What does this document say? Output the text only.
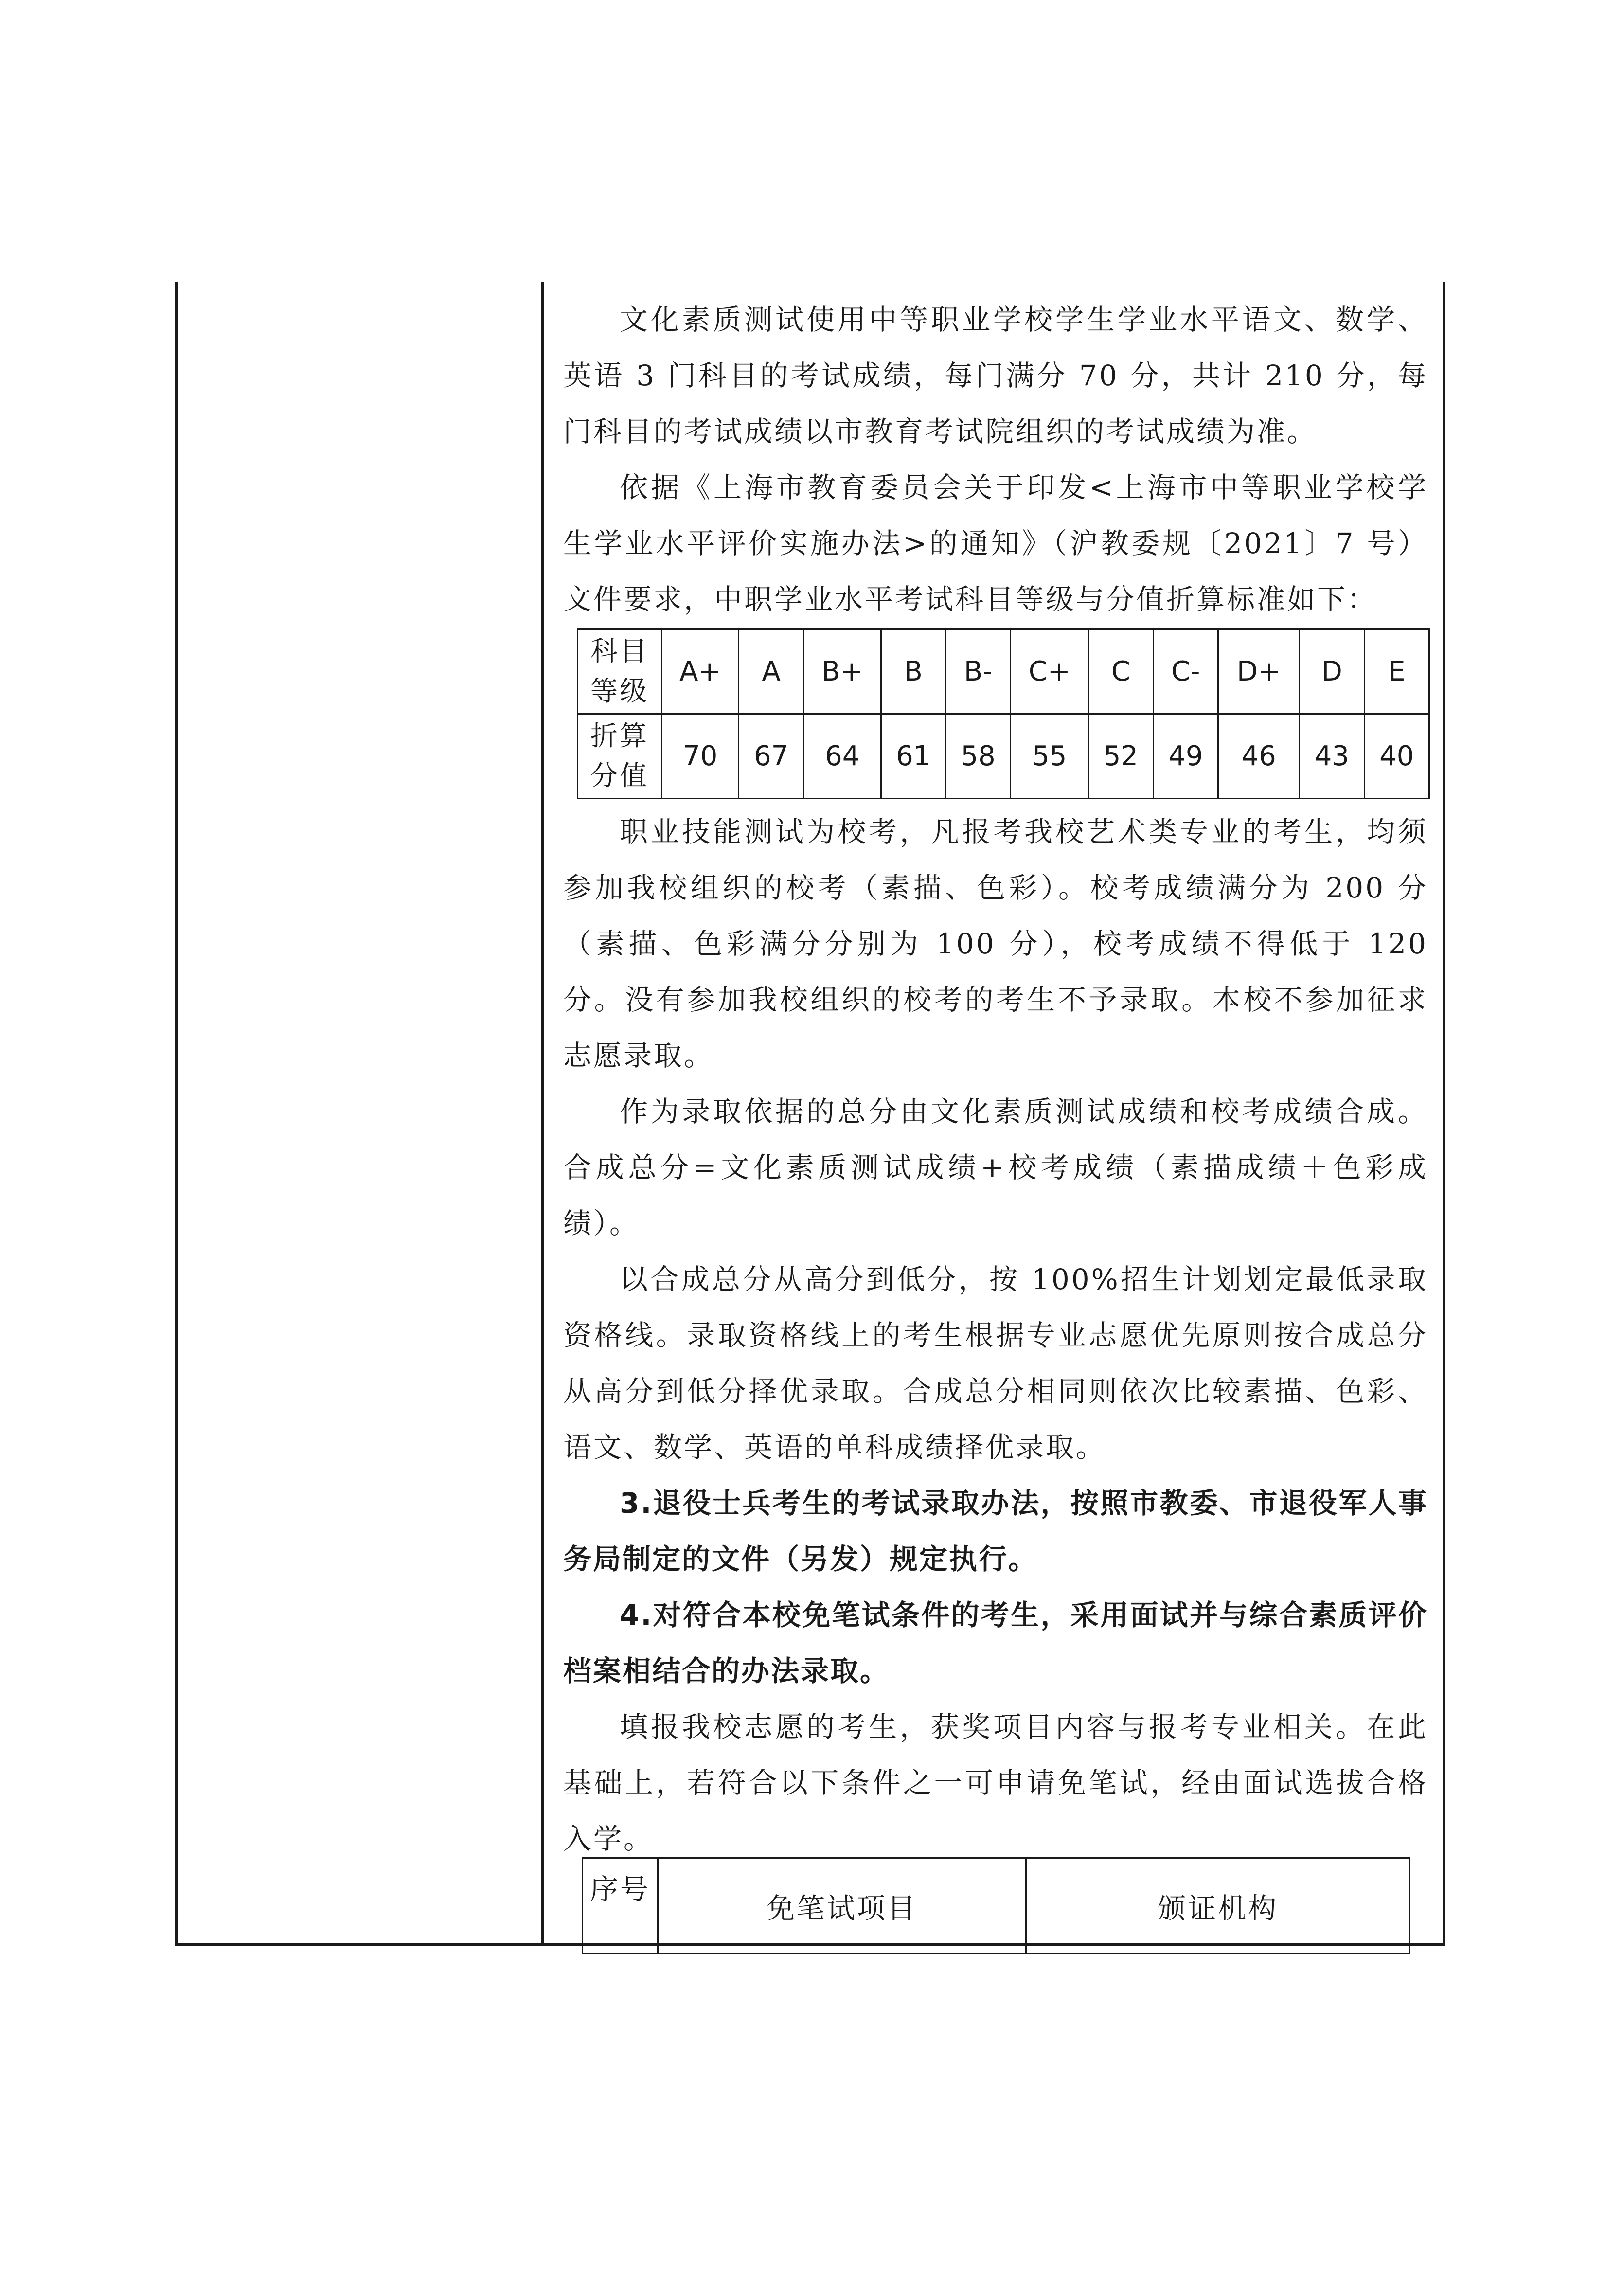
文化素质测试使用中等职业学校学生学业水平语文、数学、英语 3 门科目的考试成绩，每门满分 70 分，共计 210 分，每门科目的考试成绩以市教育考试院组织的考试成绩为准。

依据《上海市教育委员会关于印发<上海市中等职业学校学生学业水平评价实施办法>的通知》（沪教委规〔2021〕7 号）文件要求，中职学业水平考试科目等级与分值折算标准如下：

科目
等级	A+	A	B+	B	B-	C+	C	C-	D+	D	E
折算
分值	70	67	64	61	58	55	52	49	46	43	40

职业技能测试为校考，凡报考我校艺术类专业的考生，均须参加我校组织的校考（素描、色彩）。校考成绩满分为 200 分（素描、色彩满分分别为 100 分），校考成绩不得低于 120 分。没有参加我校组织的校考的考生不予录取。本校不参加征求志愿录取。

作为录取依据的总分由文化素质测试成绩和校考成绩合成。合成总分=文化素质测试成绩+校考成绩（素描成绩＋色彩成绩）。

以合成总分从高分到低分，按 100%招生计划划定最低录取资格线。录取资格线上的考生根据专业志愿优先原则按合成总分从高分到低分择优录取。合成总分相同则依次比较素描、色彩、语文、数学、英语的单科成绩择优录取。

3.退役士兵考生的考试录取办法，按照市教委、市退役军人事务局制定的文件（另发）规定执行。

4.对符合本校免笔试条件的考生，采用面试并与综合素质评价档案相结合的办法录取。

填报我校志愿的考生，获奖项目内容与报考专业相关。在此基础上，若符合以下条件之一可申请免笔试，经由面试选拔合格入学。

序号	免笔试项目	颁证机构
